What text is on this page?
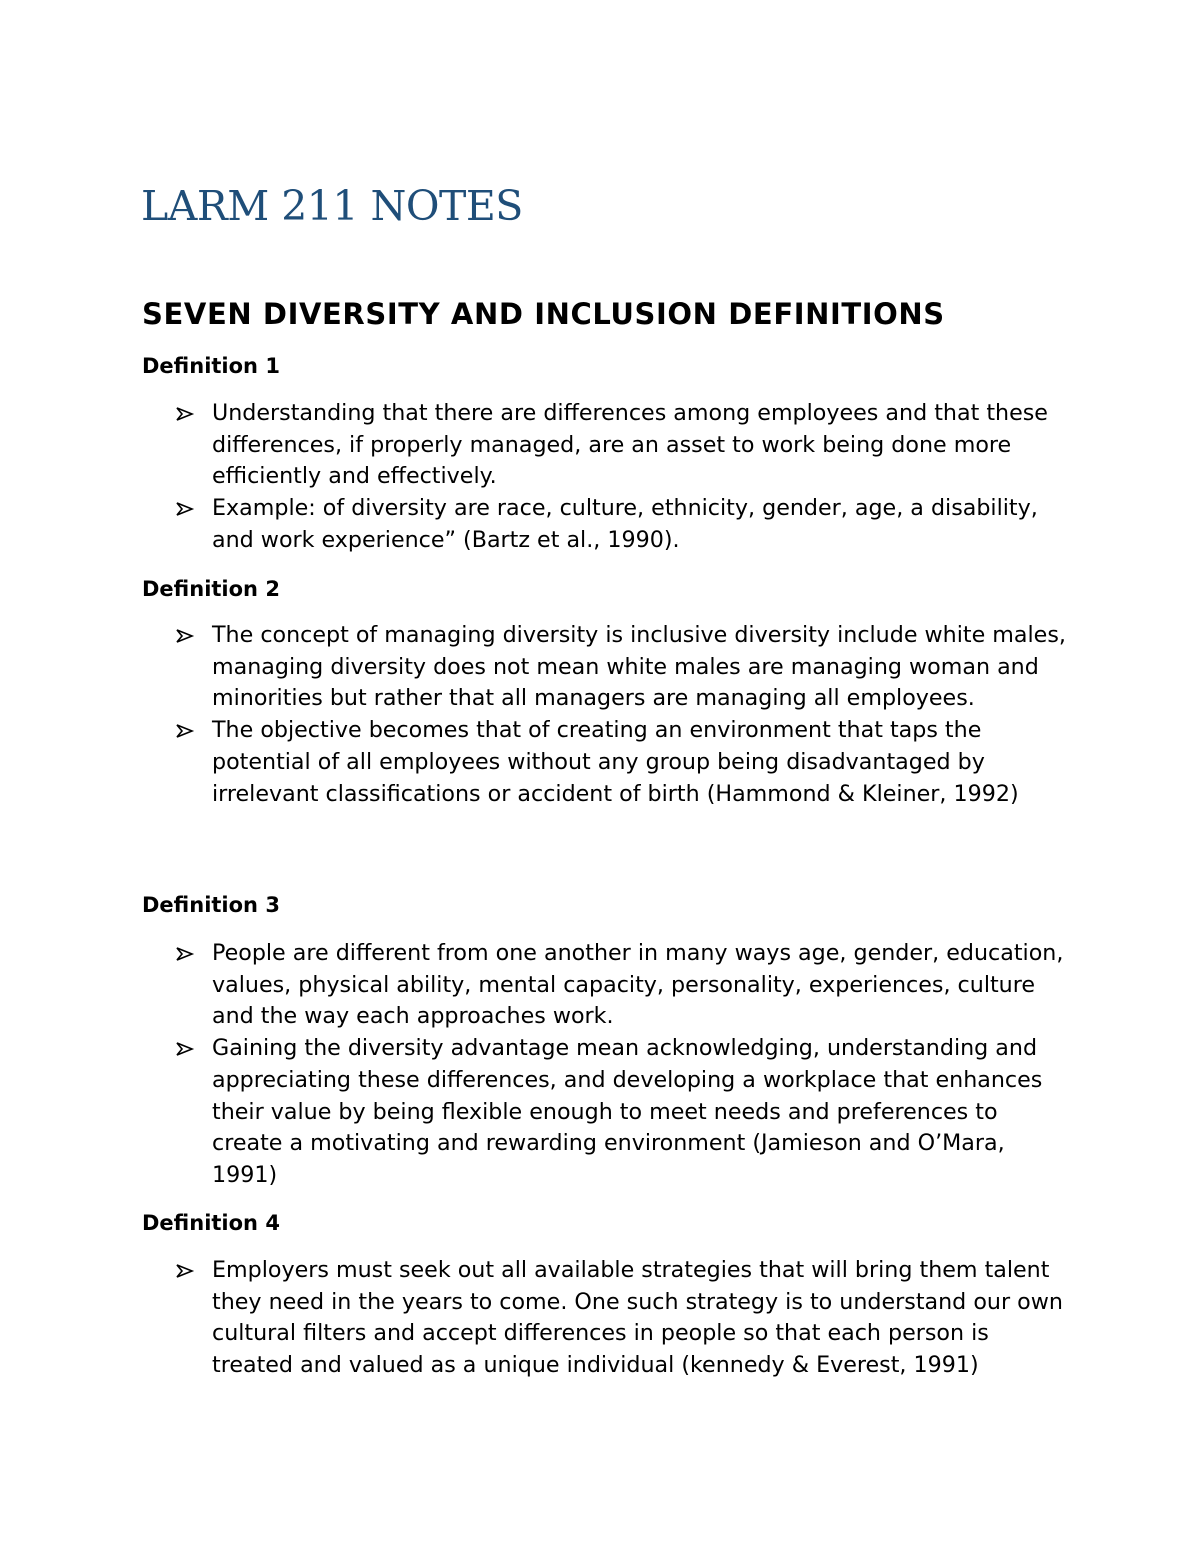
LARM 211 NOTES
SEVEN DIVERSITY AND INCLUSION DEFINITIONS
Definition 1
Understanding that there are differences among employees and that these differences, if properly managed, are an asset to work being done more efficiently and effectively.
Example: of diversity are race, culture, ethnicity, gender, age, a disability, and work experience” (Bartz et al., 1990).
Definition 2
The concept of managing diversity is inclusive diversity include white males, managing diversity does not mean white males are managing woman and minorities but rather that all managers are managing all employees.
The objective becomes that of creating an environment that taps the potential of all employees without any group being disadvantaged by irrelevant classifications or accident of birth (Hammond & Kleiner, 1992)
Definition 3
People are different from one another in many ways age, gender, education, values, physical ability, mental capacity, personality, experiences, culture and the way each approaches work.
Gaining the diversity advantage mean acknowledging, understanding and appreciating these differences, and developing a workplace that enhances their value by being flexible enough to meet needs and preferences to create a motivating and rewarding environment (Jamieson and O’Mara, 1991)
Definition 4
Employers must seek out all available strategies that will bring them talent they need in the years to come. One such strategy is to understand our own cultural filters and accept differences in people so that each person is treated and valued as a unique individual (kennedy & Everest, 1991)
